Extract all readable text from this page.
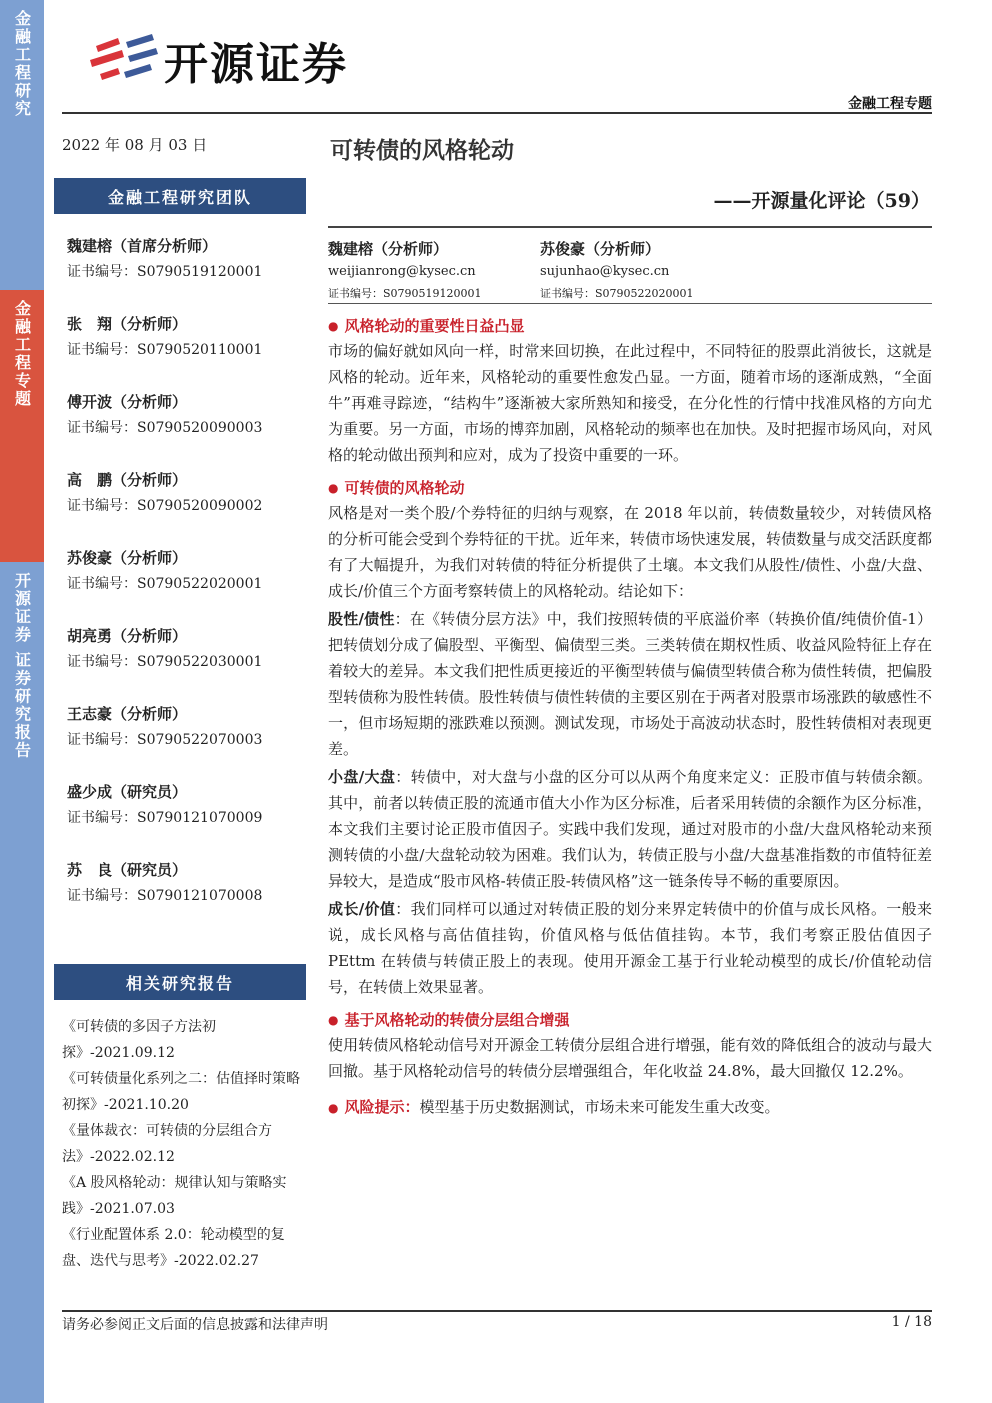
金融工程研究
金融工程专题
开源证券 证券研究报告
开源证券
金融工程专题
2022 年 08 月 03 日
金融工程研究团队
魏建榕（首席分析师）
证书编号：S0790519120001
张　翔（分析师）
证书编号：S0790520110001
傅开波（分析师）
证书编号：S0790520090003
高　鹏（分析师）
证书编号：S0790520090002
苏俊豪（分析师）
证书编号：S0790522020001
胡亮勇（分析师）
证书编号：S0790522030001
王志豪（分析师）
证书编号：S0790522070003
盛少成（研究员）
证书编号：S0790121070009
苏　良（研究员）
证书编号：S0790121070008
相关研究报告
《可转债的多因子方法初探》-2021.09.12
《可转债量化系列之二：估值择时策略初探》-2021.10.20
《量体裁衣：可转债的分层组合方法》-2022.02.12
《A 股风格轮动：规律认知与策略实践》-2021.07.03
《行业配置体系 2.0：轮动模型的复盘、迭代与思考》-2022.02.27
可转债的风格轮动
——开源量化评论（59）
魏建榕（分析师）
weijianrong@kysec.cn
证书编号：S0790519120001
苏俊豪（分析师）
sujunhao@kysec.cn
证书编号：S0790522020001
● 风格轮动的重要性日益凸显
市场的偏好就如风向一样，时常来回切换，在此过程中，不同特征的股票此消彼长，这就是风格的轮动。近年来，风格轮动的重要性愈发凸显。一方面，随着市场的逐渐成熟，“全面牛”再难寻踪迹，“结构牛”逐渐被大家所熟知和接受，在分化性的行情中找准风格的方向尤为重要。另一方面，市场的博弈加剧，风格轮动的频率也在加快。及时把握市场风向，对风格的轮动做出预判和应对，成为了投资中重要的一环。
● 可转债的风格轮动
风格是对一类个股/个券特征的归纳与观察，在 2018 年以前，转债数量较少，对转债风格的分析可能会受到个券特征的干扰。近年来，转债市场快速发展，转债数量与成交活跃度都有了大幅提升，为我们对转债的特征分析提供了土壤。本文我们从股性/债性、小盘/大盘、成长/价值三个方面考察转债上的风格轮动。结论如下：
股性/债性：在《转债分层方法》中，我们按照转债的平底溢价率（转换价值/纯债价值-1）把转债划分成了偏股型、平衡型、偏债型三类。三类转债在期权性质、收益风险特征上存在着较大的差异。本文我们把性质更接近的平衡型转债与偏债型转债合称为债性转债，把偏股型转债称为股性转债。股性转债与债性转债的主要区别在于两者对股票市场涨跌的敏感性不一，但市场短期的涨跌难以预测。测试发现，市场处于高波动状态时，股性转债相对表现更差。
小盘/大盘：转债中，对大盘与小盘的区分可以从两个角度来定义：正股市值与转债余额。其中，前者以转债正股的流通市值大小作为区分标准，后者采用转债的余额作为区分标准，本文我们主要讨论正股市值因子。实践中我们发现，通过对股市的小盘/大盘风格轮动来预测转债的小盘/大盘轮动较为困难。我们认为，转债正股与小盘/大盘基准指数的市值特征差异较大，是造成“股市风格-转债正股-转债风格”这一链条传导不畅的重要原因。
成长/价值：我们同样可以通过对转债正股的划分来界定转债中的价值与成长风格。一般来说，成长风格与高估值挂钩，价值风格与低估值挂钩。本节，我们考察正股估值因子 PEttm 在转债与转债正股上的表现。使用开源金工基于行业轮动模型的成长/价值轮动信号，在转债上效果显著。
● 基于风格轮动的转债分层组合增强
使用转债风格轮动信号对开源金工转债分层组合进行增强，能有效的降低组合的波动与最大回撤。基于风格轮动信号的转债分层增强组合，年化收益 24.8%，最大回撤仅 12.2%。
● 风险提示：模型基于历史数据测试，市场未来可能发生重大改变。
请务必参阅正文后面的信息披露和法律声明	1 / 18
